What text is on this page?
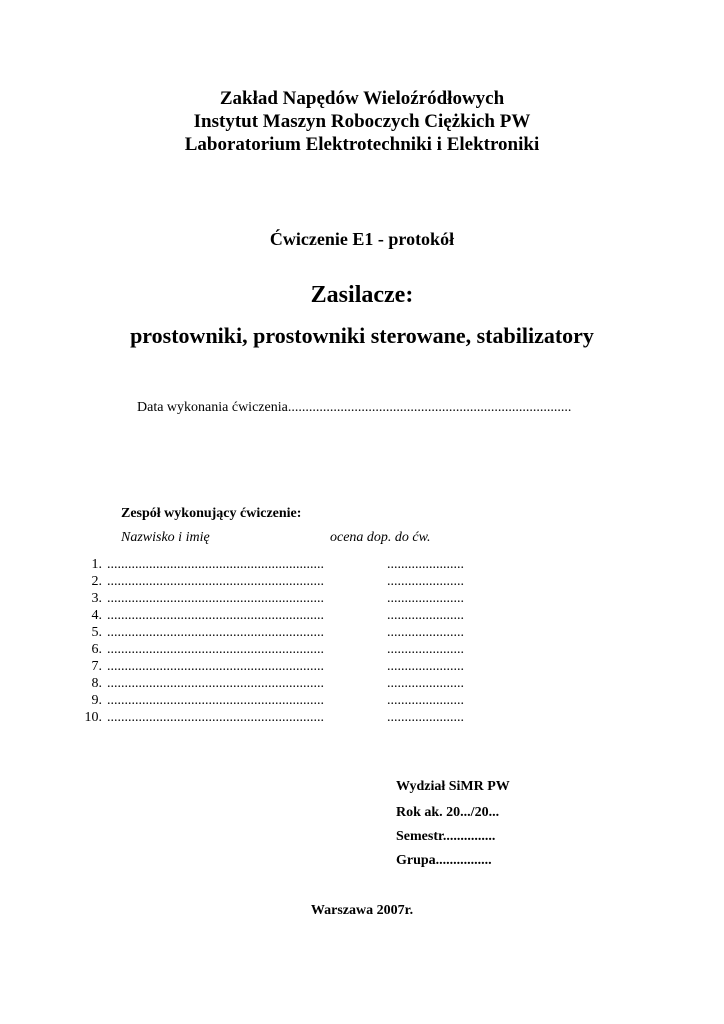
Zakład Napędów Wieloźródłowych
Instytut Maszyn Roboczych Ciężkich PW
Laboratorium Elektrotechniki i Elektroniki
Ćwiczenie E1 - protokół
Zasilacze:
prostowniki, prostowniki sterowane, stabilizatory
Data wykonania ćwiczenia.................................................................................
Zespół wykonujący ćwiczenie:
Nazwisko i imię	ocena dop. do ćw.
1. ..............................................................	......................
2. ..............................................................	......................
3. ..............................................................	......................
4. ..............................................................	......................
5. ..............................................................	......................
6. ..............................................................	......................
7. ..............................................................	......................
8. ..............................................................	......................
9. ..............................................................	......................
10. ..............................................................	......................
Wydział SiMR PW
Rok ak. 20.../20...
Semestr...............
Grupa................
Warszawa 2007r.
